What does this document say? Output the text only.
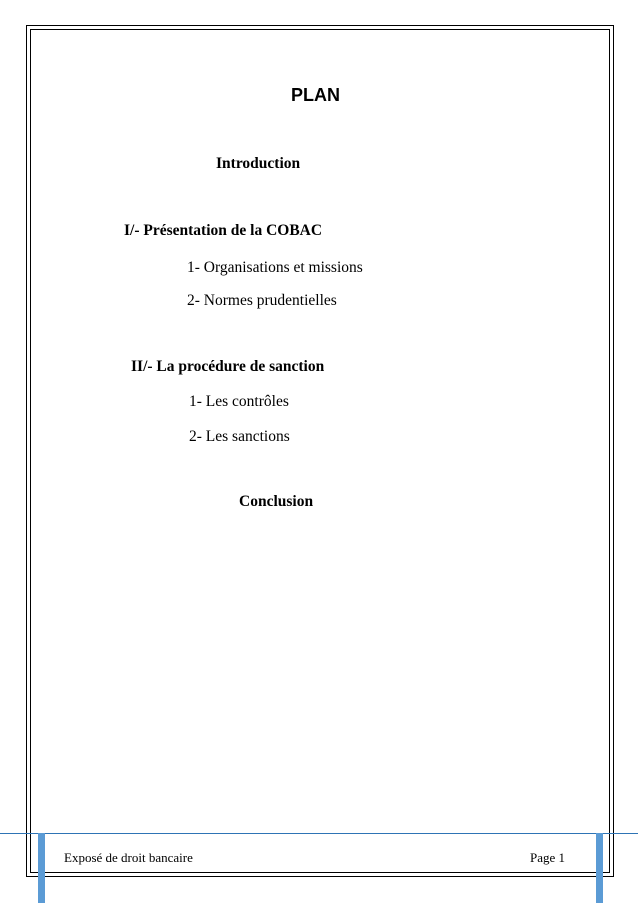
PLAN
Introduction
I/- Présentation de la COBAC
1- Organisations et missions
2- Normes prudentielles
II/- La procédure de sanction
1- Les contrôles
2- Les sanctions
Conclusion
Exposé de droit bancaire	Page 1
